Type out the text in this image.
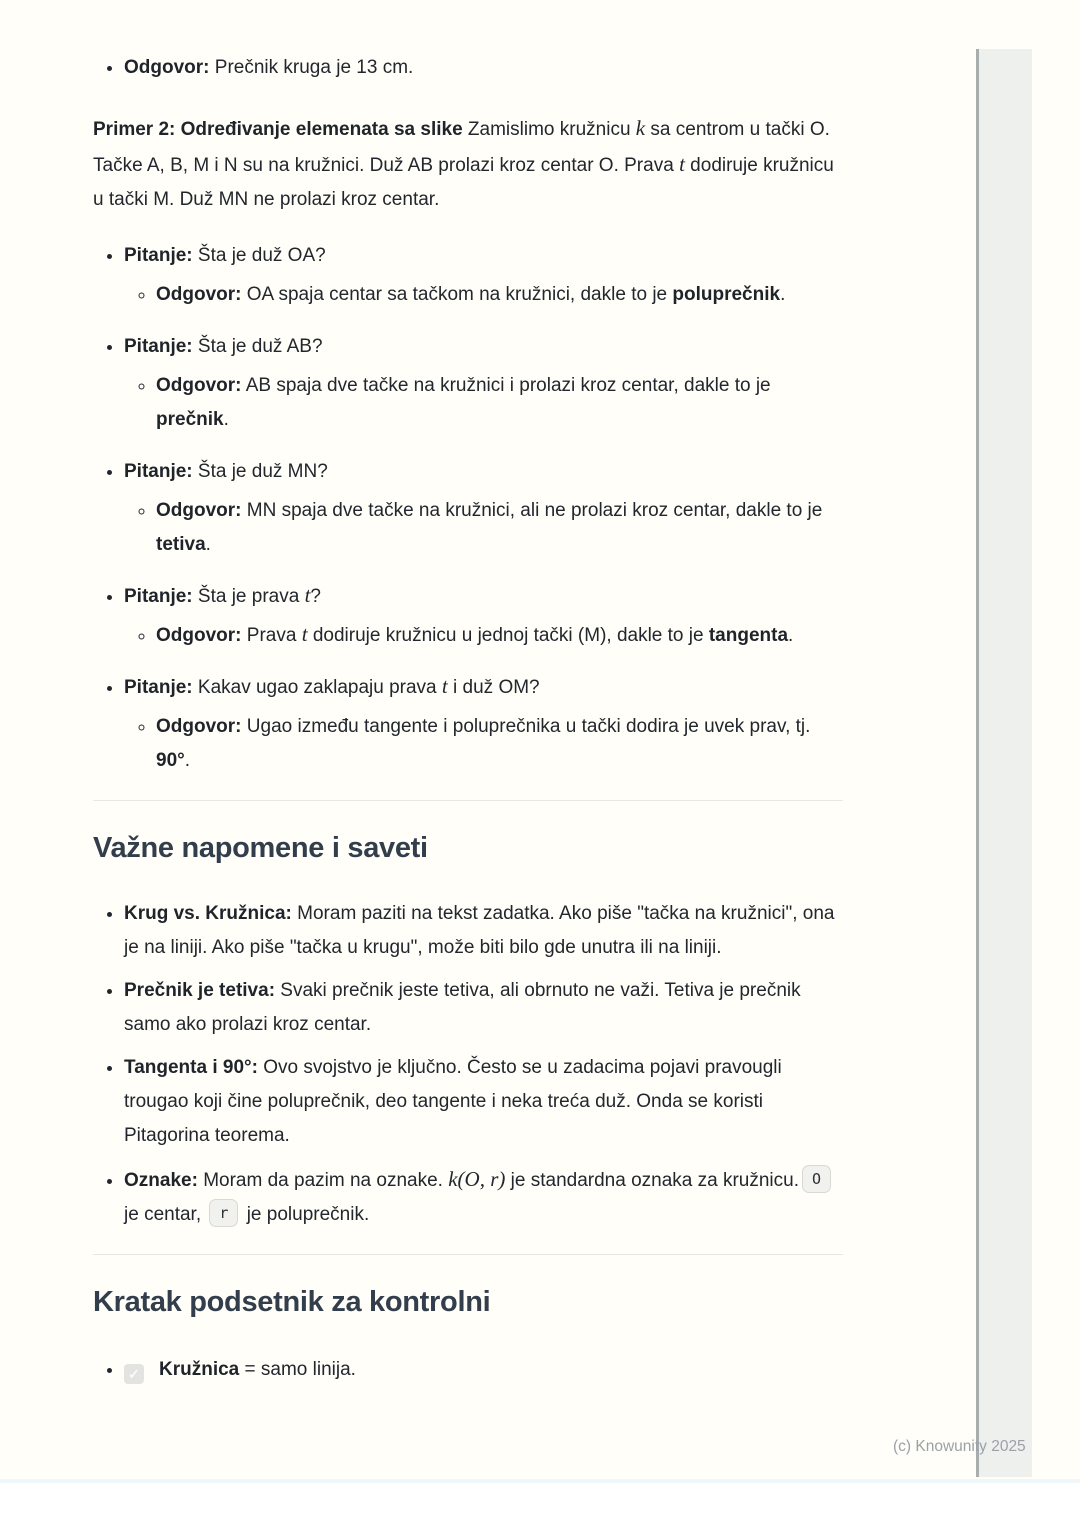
• Odgovor: Prečnik kruga je 13 cm.

Primer 2: Određivanje elemenata sa slike Zamislimo kružnicu k sa centrom u tački O. Tačke A, B, M i N su na kružnici. Duž AB prolazi kroz centar O. Prava t dodiruje kružnicu u tački M. Duž MN ne prolazi kroz centar.

• Pitanje: Šta je duž OA?
◦ Odgovor: OA spaja centar sa tačkom na kružnici, dakle to je poluprečnik.
• Pitanje: Šta je duž AB?
◦ Odgovor: AB spaja dve tačke na kružnici i prolazi kroz centar, dakle to je prečnik.
• Pitanje: Šta je duž MN?
◦ Odgovor: MN spaja dve tačke na kružnici, ali ne prolazi kroz centar, dakle to je tetiva.
• Pitanje: Šta je prava t?
◦ Odgovor: Prava t dodiruje kružnicu u jednoj tački (M), dakle to je tangenta.
• Pitanje: Kakav ugao zaklapaju prava t i duž OM?
◦ Odgovor: Ugao između tangente i poluprečnika u tački dodira je uvek prav, tj. 90°.
Važne napomene i saveti
• Krug vs. Kružnica: Moram paziti na tekst zadatka. Ako piše "tačka na kružnici", ona je na liniji. Ako piše "tačka u krugu", može biti bilo gde unutra ili na liniji.
• Prečnik je tetiva: Svaki prečnik jeste tetiva, ali obrnuto ne važi. Tetiva je prečnik samo ako prolazi kroz centar.
• Tangenta i 90°: Ovo svojstvo je ključno. Često se u zadacima pojavi pravougli trougao koji čine poluprečnik, deo tangente i neka treća duž. Onda se koristi Pitagorina teorema.
• Oznake: Moram da pazim na oznake. k(O, r) je standardna oznaka za kružnicu. O je centar, r je poluprečnik.
Kratak podsetnik za kontrolni
• ✓ Kružnica = samo linija.
(c) Knowunity 2025
